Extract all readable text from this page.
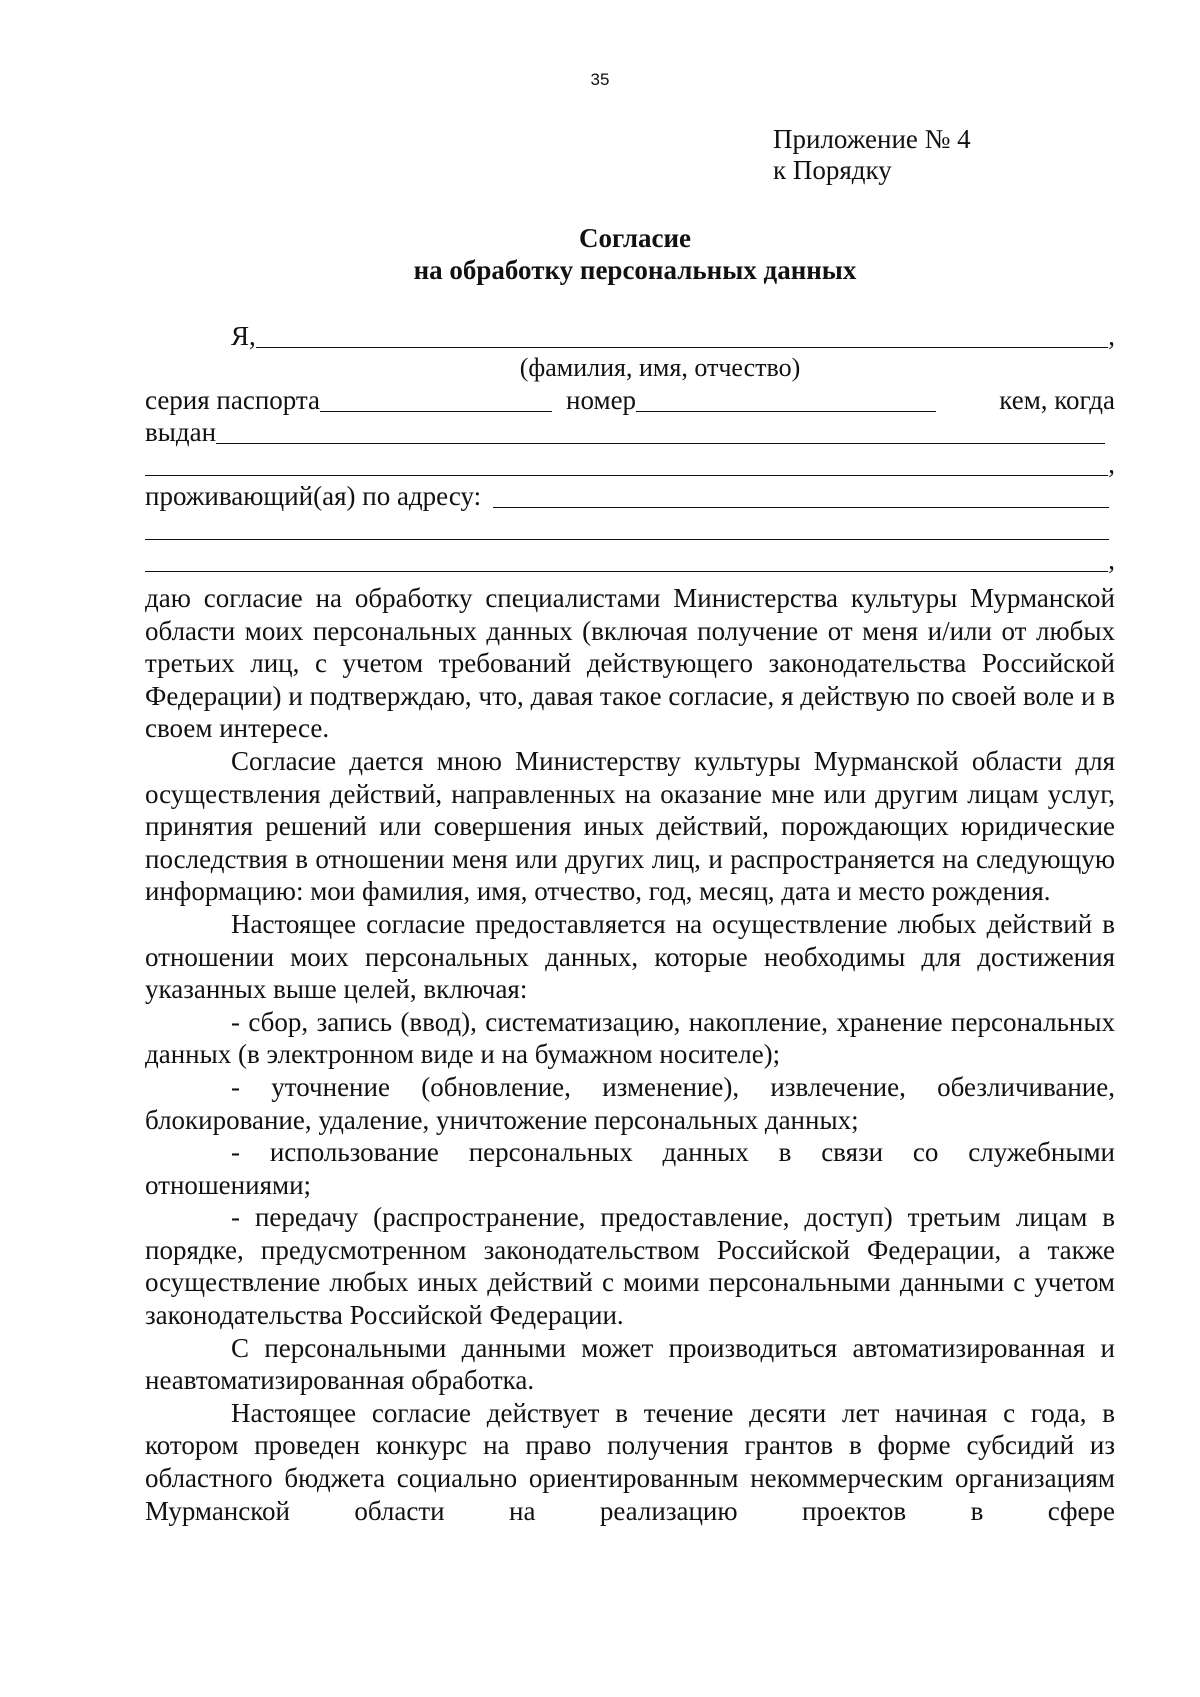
35
Приложение № 4
к Порядку
Согласие
на обработку персональных данных
Я,	,
(фамилия, имя, отчество)
серия паспорта	номер	кем, когда
выдан
,
проживающий(ая) по адресу:
,

даю согласие на обработку специалистами Министерства культуры Мурманской области моих персональных данных (включая получение от меня и/или от любых третьих лиц, с учетом требований действующего законодательства Российской Федерации) и подтверждаю, что, давая такое согласие, я действую по своей воле и в своем интересе.

Согласие дается мною Министерству культуры Мурманской области для осуществления действий, направленных на оказание мне или другим лицам услуг, принятия решений или совершения иных действий, порождающих юридические последствия в отношении меня или других лиц, и распространяется на следующую информацию: мои фамилия, имя, отчество, год, месяц, дата и место рождения.

Настоящее согласие предоставляется на осуществление любых действий в отношении моих персональных данных, которые необходимы для достижения указанных выше целей, включая:

- сбор, запись (ввод), систематизацию, накопление, хранение персональных данных (в электронном виде и на бумажном носителе);

- уточнение (обновление, изменение), извлечение, обезличивание, блокирование, удаление, уничтожение персональных данных;

- использование персональных данных в связи со служебными отношениями;

- передачу (распространение, предоставление, доступ) третьим лицам в порядке, предусмотренном законодательством Российской Федерации, а также осуществление любых иных действий с моими персональными данными с учетом законодательства Российской Федерации.

С персональными данными может производиться автоматизированная и неавтоматизированная обработка.

Настоящее согласие действует в течение десяти лет начиная с года, в котором проведен конкурс на право получения грантов в форме субсидий из областного бюджета социально ориентированным некоммерческим организациям Мурманской области на реализацию проектов в сфере
